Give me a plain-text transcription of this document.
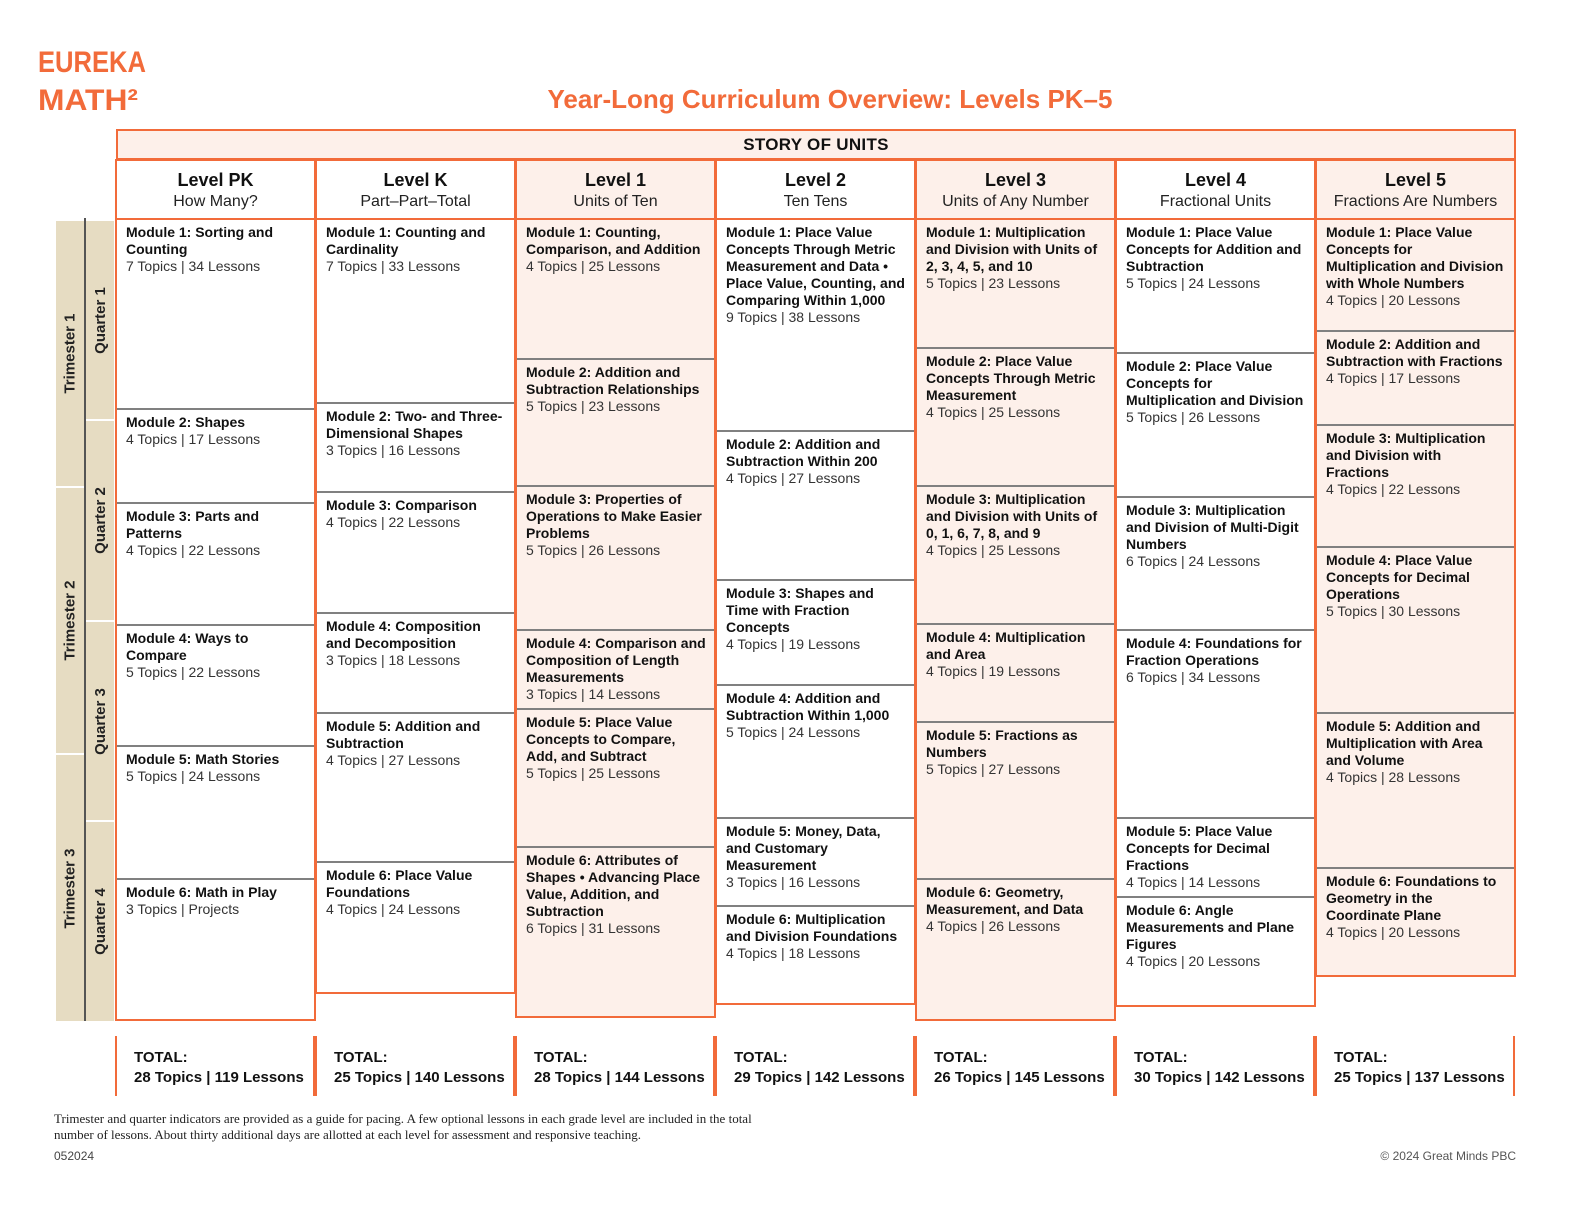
EUREKA
MATH²	Year-Long Curriculum Overview: Levels PK–5
STORY OF UNITS
Level PK
How Many?
Module 1: Sorting and Counting
7 Topics | 34 Lessons
Module 2: Shapes
4 Topics | 17 Lessons
Module 3: Parts and Patterns
4 Topics | 22 Lessons
Module 4: Ways to Compare
5 Topics | 22 Lessons
Module 5: Math Stories
5 Topics | 24 Lessons
Module 6: Math in Play
3 Topics | Projects
Level K
Part–Part–Total
Module 1: Counting and Cardinality
7 Topics | 33 Lessons
Module 2: Two- and Three-Dimensional Shapes
3 Topics | 16 Lessons
Module 3: Comparison
4 Topics | 22 Lessons
Module 4: Composition and Decomposition
3 Topics | 18 Lessons
Module 5: Addition and Subtraction
4 Topics | 27 Lessons
Module 6: Place Value Foundations
4 Topics | 24 Lessons
Level 1
Units of Ten
Module 1: Counting, Comparison, and Addition
4 Topics | 25 Lessons
Module 2: Addition and Subtraction Relationships
5 Topics | 23 Lessons
Module 3: Properties of Operations to Make Easier Problems
5 Topics | 26 Lessons
Module 4: Comparison and Composition of Length Measurements
3 Topics | 14 Lessons
Module 5: Place Value Concepts to Compare, Add, and Subtract
5 Topics | 25 Lessons
Module 6: Attributes of Shapes • Advancing Place Value, Addition, and Subtraction
6 Topics | 31 Lessons
Level 2
Ten Tens
Module 1: Place Value Concepts Through Metric Measurement and Data • Place Value, Counting, and Comparing Within 1,000
9 Topics | 38 Lessons
Module 2: Addition and Subtraction Within 200
4 Topics | 27 Lessons
Module 3: Shapes and Time with Fraction Concepts
4 Topics | 19 Lessons
Module 4: Addition and Subtraction Within 1,000
5 Topics | 24 Lessons
Module 5: Money, Data, and Customary Measurement
3 Topics | 16 Lessons
Module 6: Multiplication and Division Foundations
4 Topics | 18 Lessons
Level 3
Units of Any Number
Module 1: Multiplication and Division with Units of 2, 3, 4, 5, and 10
5 Topics | 23 Lessons
Module 2: Place Value Concepts Through Metric Measurement
4 Topics | 25 Lessons
Module 3: Multiplication and Division with Units of 0, 1, 6, 7, 8, and 9
4 Topics | 25 Lessons
Module 4: Multiplication and Area
4 Topics | 19 Lessons
Module 5: Fractions as Numbers
5 Topics | 27 Lessons
Module 6: Geometry, Measurement, and Data
4 Topics | 26 Lessons
Level 4
Fractional Units
Module 1: Place Value Concepts for Addition and Subtraction
5 Topics | 24 Lessons
Module 2: Place Value Concepts for Multiplication and Division
5 Topics | 26 Lessons
Module 3: Multiplication and Division of Multi-Digit Numbers
6 Topics | 24 Lessons
Module 4: Foundations for Fraction Operations
6 Topics | 34 Lessons
Module 5: Place Value Concepts for Decimal Fractions
4 Topics | 14 Lessons
Module 6: Angle Measurements and Plane Figures
4 Topics | 20 Lessons
Level 5
Fractions Are Numbers
Module 1: Place Value Concepts for Multiplication and Division with Whole Numbers
4 Topics | 20 Lessons
Module 2: Addition and Subtraction with Fractions
4 Topics | 17 Lessons
Module 3: Multiplication and Division with Fractions
4 Topics | 22 Lessons
Module 4: Place Value Concepts for Decimal Operations
5 Topics | 30 Lessons
Module 5: Addition and Multiplication with Area and Volume
4 Topics | 28 Lessons
Module 6: Foundations to Geometry in the Coordinate Plane
4 Topics | 20 Lessons
Trimester 1
Trimester 2
Trimester 3
Quarter 1
Quarter 2
Quarter 3
Quarter 4
TOTAL:
28 Topics | 119 Lessons
TOTAL:
25 Topics | 140 Lessons
TOTAL:
28 Topics | 144 Lessons
TOTAL:
29 Topics | 142 Lessons
TOTAL:
26 Topics | 145 Lessons
TOTAL:
30 Topics | 142 Lessons
TOTAL:
25 Topics | 137 Lessons
Trimester and quarter indicators are provided as a guide for pacing. A few optional lessons in each grade level are included in the total number of lessons. About thirty additional days are allotted at each level for assessment and responsive teaching.
052024	© 2024 Great Minds PBC
